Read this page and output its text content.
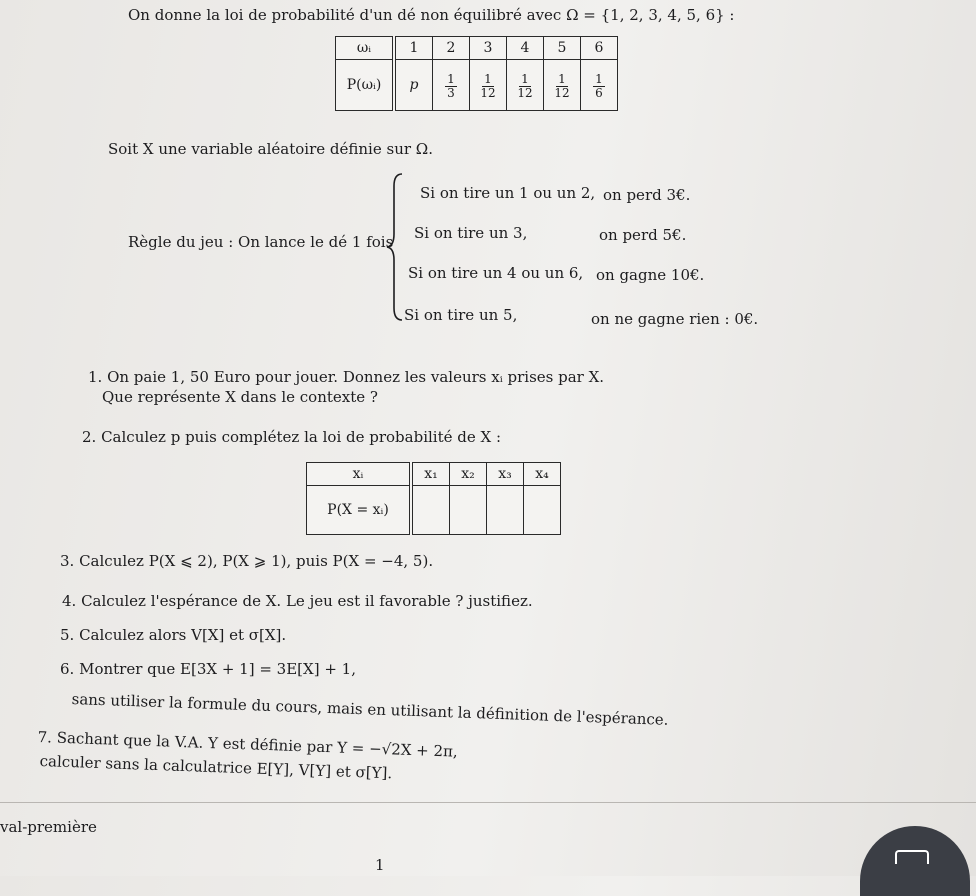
On donne la loi de probabilité d'un dé non équilibré avec Ω = {1, 2, 3, 4, 5, 6} :
ωᵢ	1	2	3	4	5	6
P(ωᵢ)	p	$\frac{1}{3}$	$\frac{1}{12}$	$\frac{1}{12}$	$\frac{1}{12}$	$\frac{1}{6}$
Soit X une variable aléatoire définie sur Ω.
Règle du jeu : On lance le dé 1 fois
Si on tire un 1 ou un 2, on perd 3€.
Si on tire un 3,	on perd 5€.
Si on tire un 4 ou un 6, on gagne 10€.
Si on tire un 5,	on ne gagne rien : 0€.
1. On paie 1, 50 Euro pour jouer. Donnez les valeurs xᵢ prises par X.
Que représente X dans le contexte ?
2. Calculez p puis complétez la loi de probabilité de X :
xᵢ	x₁	x₂	x₃	x₄
P(X = xᵢ)				
3. Calculez P(X ⩽ 2), P(X ⩾ 1), puis P(X = −4, 5).
4. Calculez l'espérance de X. Le jeu est il favorable ? justifiez.
5. Calculez alors V[X] et σ[X].
6. Montrer que E[3X + 1] = 3E[X] + 1,
sans utiliser la formule du cours, mais en utilisant la définition de l'espérance.
7. Sachant que la V.A. Y est définie par Y = −√2X + 2π,
calculer sans la calculatrice E[Y], V[Y] et σ[Y].
val-première
1
